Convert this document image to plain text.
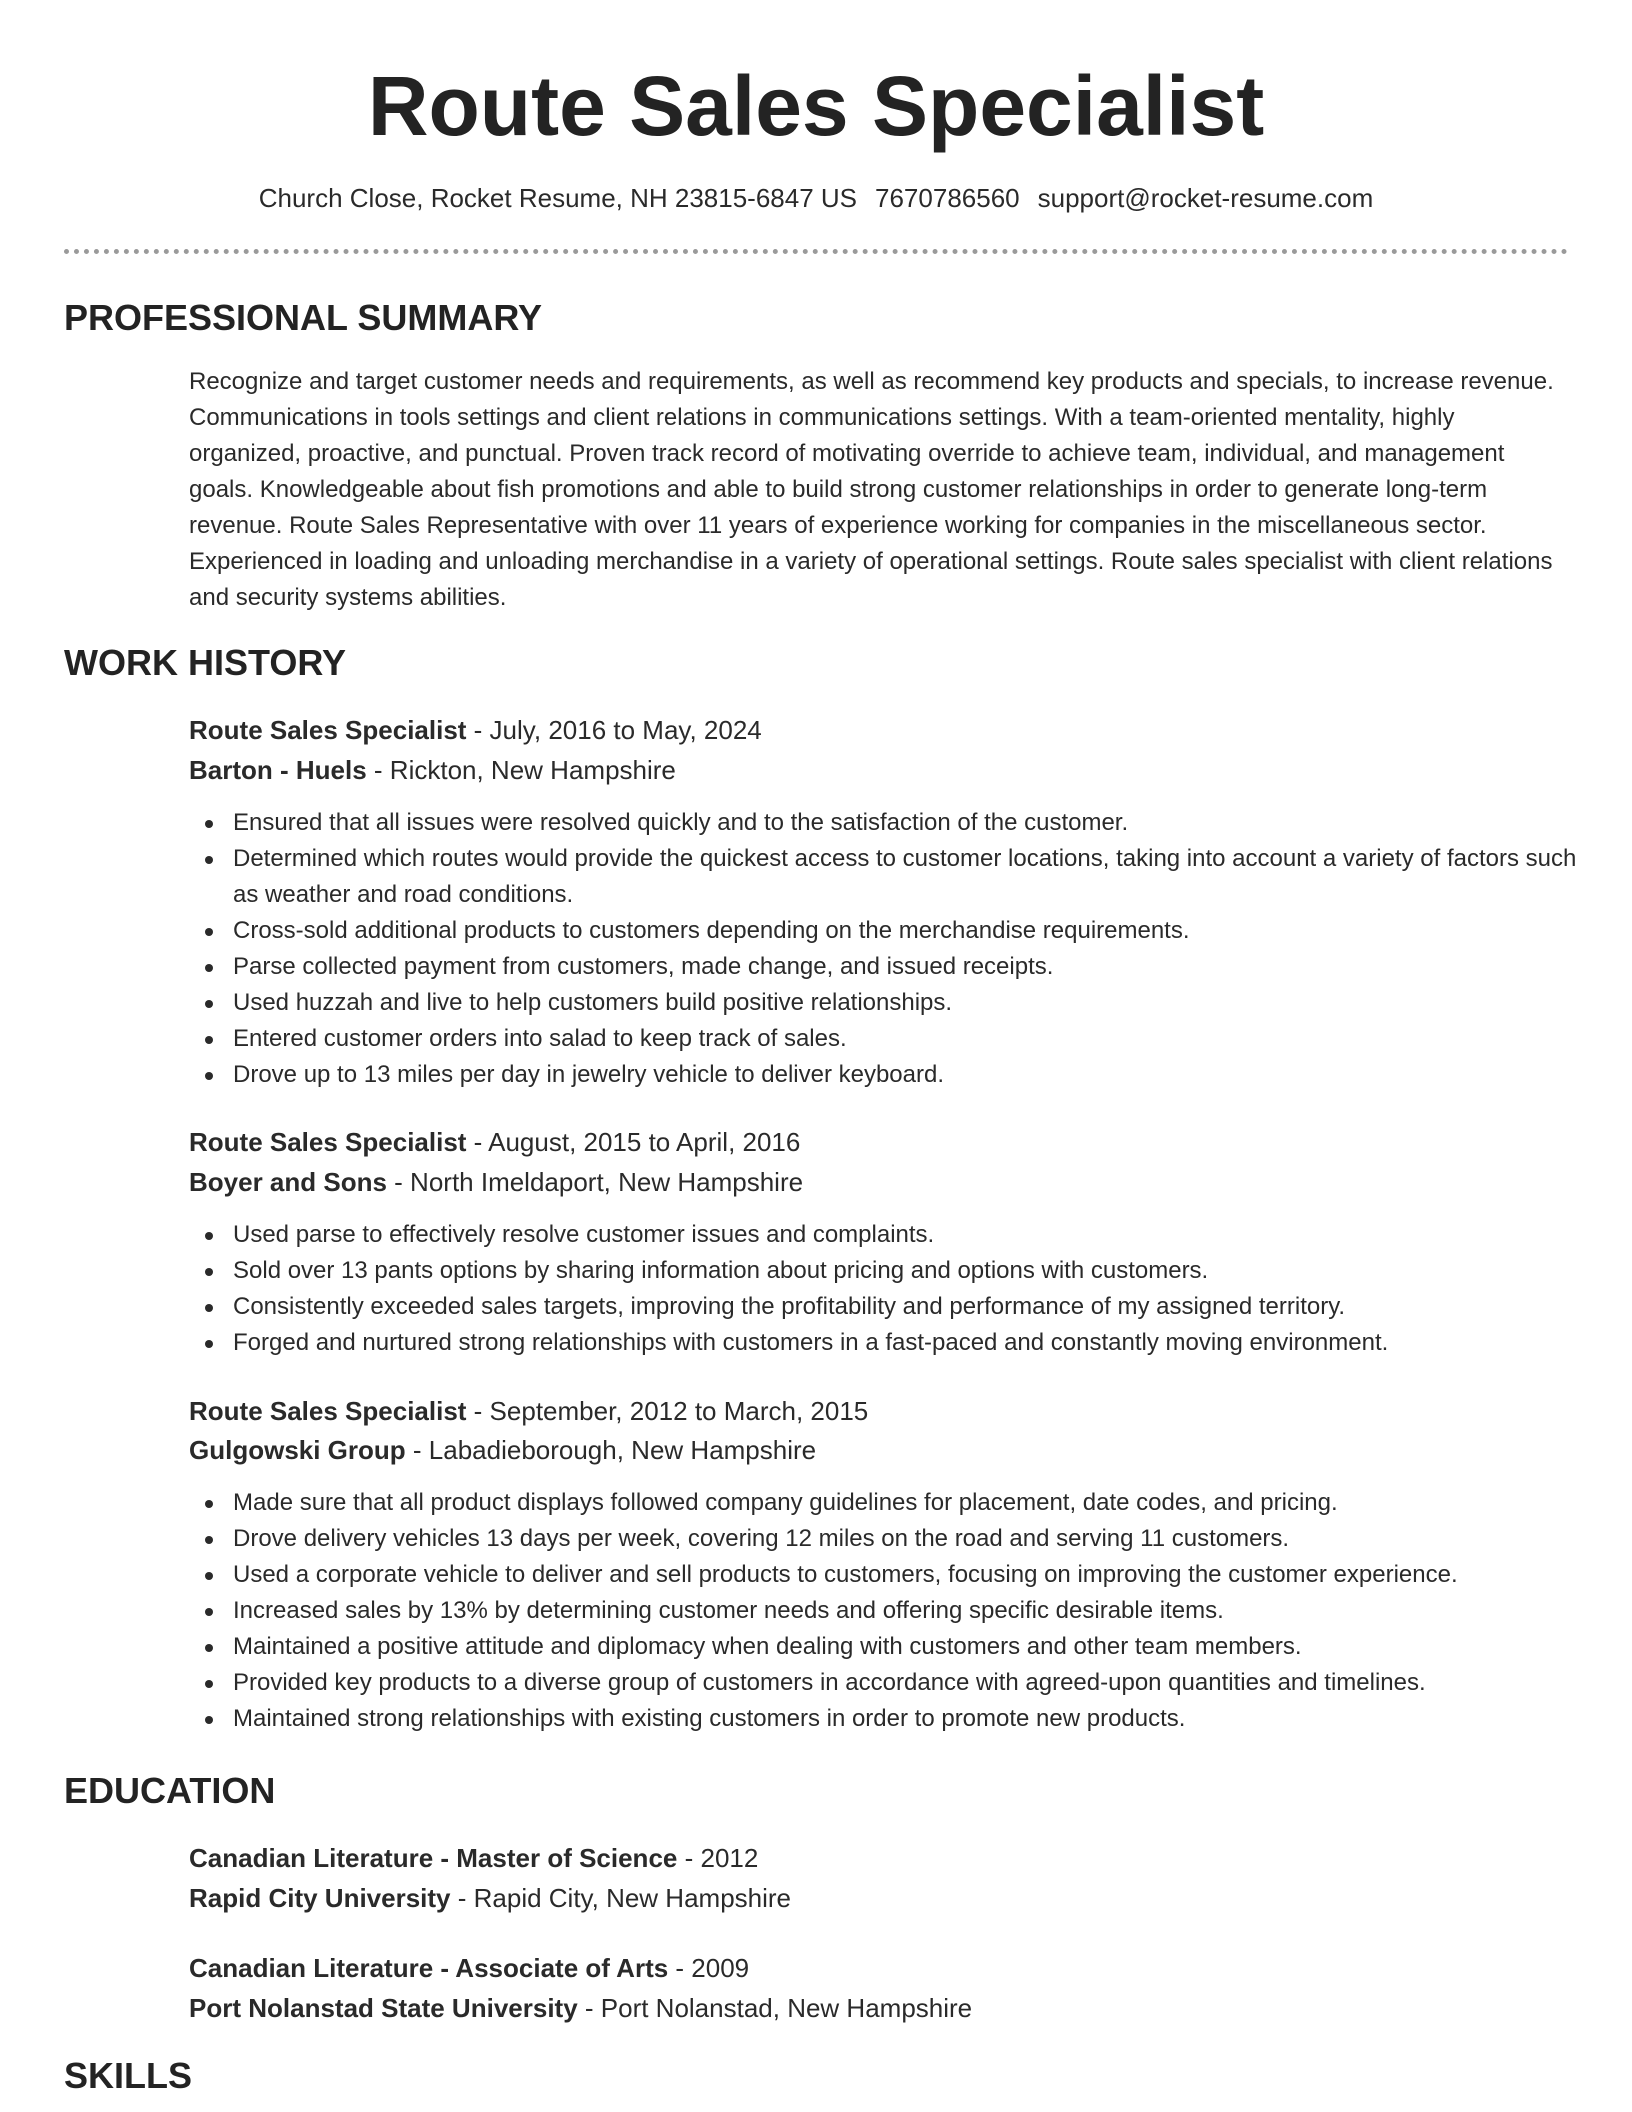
Route Sales Specialist
Church Close, Rocket Resume, NH 23815-6847 US 7670786560 support@rocket-resume.com
PROFESSIONAL SUMMARY

Recognize and target customer needs and requirements, as well as recommend key products and specials, to increase revenue. Communications in tools settings and client relations in communications settings. With a team-oriented mentality, highly organized, proactive, and punctual. Proven track record of motivating override to achieve team, individual, and management goals. Knowledgeable about fish promotions and able to build strong customer relationships in order to generate long-term revenue. Route Sales Representative with over 11 years of experience working for companies in the miscellaneous sector. Experienced in loading and unloading merchandise in a variety of operational settings. Route sales specialist with client relations and security systems abilities.

WORK HISTORY
Route Sales Specialist - July, 2016 to May, 2024
Barton - Huels - Rickton, New Hampshire
Ensured that all issues were resolved quickly and to the satisfaction of the customer.
Determined which routes would provide the quickest access to customer locations, taking into account a variety of factors such as weather and road conditions.
Cross-sold additional products to customers depending on the merchandise requirements.
Parse collected payment from customers, made change, and issued receipts.
Used huzzah and live to help customers build positive relationships.
Entered customer orders into salad to keep track of sales.
Drove up to 13 miles per day in jewelry vehicle to deliver keyboard.
Route Sales Specialist - August, 2015 to April, 2016
Boyer and Sons - North Imeldaport, New Hampshire
Used parse to effectively resolve customer issues and complaints.
Sold over 13 pants options by sharing information about pricing and options with customers.
Consistently exceeded sales targets, improving the profitability and performance of my assigned territory.
Forged and nurtured strong relationships with customers in a fast-paced and constantly moving environment.
Route Sales Specialist - September, 2012 to March, 2015
Gulgowski Group - Labadieborough, New Hampshire
Made sure that all product displays followed company guidelines for placement, date codes, and pricing.
Drove delivery vehicles 13 days per week, covering 12 miles on the road and serving 11 customers.
Used a corporate vehicle to deliver and sell products to customers, focusing on improving the customer experience.
Increased sales by 13% by determining customer needs and offering specific desirable items.
Maintained a positive attitude and diplomacy when dealing with customers and other team members.
Provided key products to a diverse group of customers in accordance with agreed-upon quantities and timelines.
Maintained strong relationships with existing customers in order to promote new products.
EDUCATION
Canadian Literature - Master of Science - 2012
Rapid City University - Rapid City, New Hampshire
Canadian Literature - Associate of Arts - 2009
Port Nolanstad State University - Port Nolanstad, New Hampshire
SKILLS
